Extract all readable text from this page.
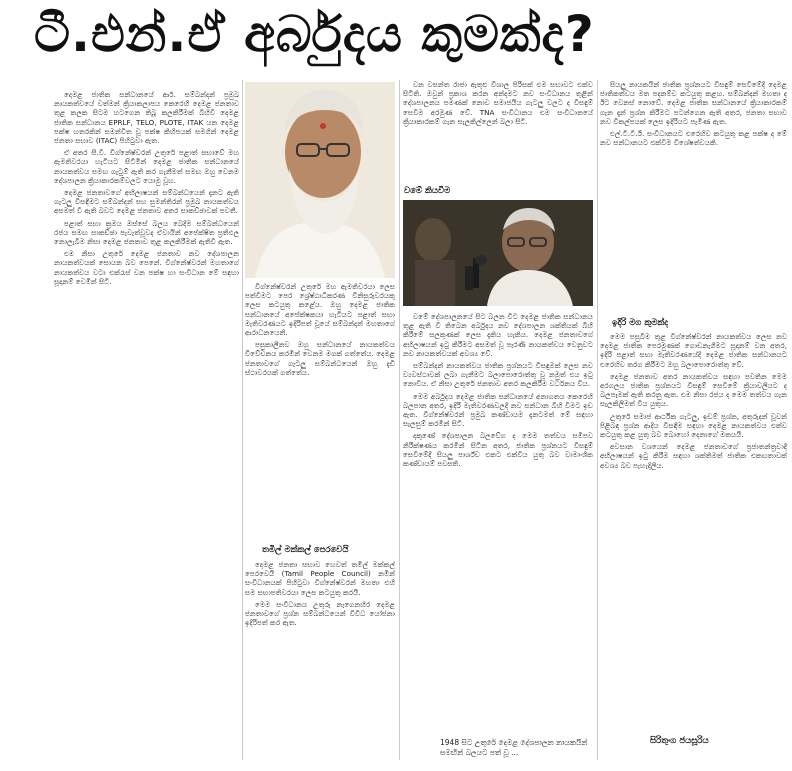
ටී.එන්.ඒ අර්බුදය කුමක්ද?

දෙමළ ජාතික සන්ධානයේ ආර්. සම්බන්දන් ප්‍රමුඛ නායකත්වයේ වත්මන් ක්‍රියාකලාපය කෙරෙහි දෙමළ ජනතාව තුළ කලක සිටම හටගෙන තිබූ කලකිරීමක් බිහිවී දෙමළ ජාතික සන්ධානය EPRLF, TELO, PLOTE, ITAK යන දෙමළ පක්ෂ හතරකින් සමන්විත වූ පක්ෂ කිහිපයක් සමගින් දෙමළ ජනතා සභාව (ITAC) පිහිටුවා ඇත.

ඒ අතර සී.වී. විග්නේෂ්වරන් උතුරේ පළාත් සභාවේ මහ ඇමතිවරයා හැටියට සිටිමින් දෙමළ ජාතික සන්ධානයේ නායකත්වය සමඟ ගැටුම් ඇති කර ගැනීමත් සමඟ ඔහු වෙනම දේශපාලන ක්‍රියාකාරකම්වලට යොමු වූහ.

දෙමළ ජනතාවගේ අභිලාෂයන් සම්බන්ධයෙන් දැනට ඇති ගැටලු විසඳීමට සම්බන්දන් සහ සුමන්තිරන් ප්‍රමුඛ නායකත්වය අසමත් වී ඇති බවට දෙමළ ජනතාව අතර සාකච්ඡාවක් පවතී.

පළාත් සභා ක්‍රමය ඔස්සේ බලය බෙදීම සම්බන්ධයෙන් රජය සමඟ සාකච්ඡා පැවැත්වූවද ඒවායින් අපේක්ෂිත ප්‍රතිඵල නොලැබීම නිසා දෙමළ ජනතාව තුළ කලකිරීමක් ඇතිවී ඇත.

එම නිසා උතුරේ දෙමළ ජනතාව නව දේශපාලන නායකත්වයක් සොයන බව පෙනේ. විග්නේෂ්වරන් මහතාගේ නායකත්වය වටා එක්රැස් වන පක්ෂ හා සංවිධාන මේ සඳහා සූදානම් වෙමින් සිටී.

විග්නේෂ්වරන් උතුරේ මහ ඇමතිවරයා ලෙස පත්වීමට පෙර ශ්‍රේෂ්ඨාධිකරණ විනිසුරුවරයකු ලෙස කටයුතු කළේය. ඔහු දෙමළ ජාතික සන්ධානයේ අපේක්ෂකයා හැටියට පළාත් සභා මැතිවරණයට ඉදිරිපත් වූයේ සම්බන්දන් මහතාගේ ආරාධනයෙනි.

පසුකාලීනව ඔහු සන්ධානයේ නායකත්වය විවේචනය කරමින් වෙනම මගක් ගත්තේය. දෙමළ ජනතාවගේ ගැටලු සම්බන්ධයෙන් ඔහු දැඩි ස්ථාවරයක් ගත්තේය.

තමිල් මක්කල් පෙරවෙයි

දෙමළ ජනතා සභාව හෙවත් තමිල් මක්කල් පෙරවෙයි (Tamil People Council) නමින් සංවිධානයක් පිහිටුවා විග්නේෂ්වරන් මහතා එහි සම සභාපතිවරයා ලෙස කටයුතු කරයි.

මෙම සංවිධානය උතුරු නැගෙනහිර දෙමළ ජනතාවගේ ප්‍රශ්න සම්බන්ධයෙන් විවිධ යෝජනා ඉදිරිපත් කර ඇත.

වන වසන්ත රාජා ඇතුළු විශාල පිරිසක් එම සභාවට එක්ව සිටිති. ඔවුන් ප්‍රකාශ කරන අන්දමට නව සංවිධානය තුළින් දේශපාලනය පමණක් නොව සමාජයීය ගැටලු වලට ද විසඳුම් සෙවීම අරමුණ වේ. TNA සංවිධානය එම සංවිධානයේ ක්‍රියාකාරකම් ගැන සැලකිල්ලෙන් බලා සිටී.

වමේ කියවීම

වමේ දේශපාලනයේ සිට බලන විට දෙමළ ජාතික සන්ධානය තුළ ඇති වී තිබෙන අර්බුදය නව දේශපාලන ශක්තියක් බිහි කිරීමේ සලකුණක් ලෙස දැකිය හැකිය. දෙමළ ජනතාවගේ අභිලාෂයන් ඉටු කිරීමට අසමත් වූ පැරණි නායකත්වය වෙනුවට නව නායකත්වයක් අවශ්‍ය වේ.

සම්බන්දන් නායකත්වය ජාතික ප්‍රශ්නයට විසඳුමක් ලෙස නව ව්‍යවස්ථාවක් ලබා ගැනීමට බලාපොරොත්තු වූ නමුත් එය ඉටු නොවීය. ඒ නිසා උතුරේ ජනතාව අතර කලකිරීම වර්ධනය විය.

මෙම අර්බුදය දෙමළ ජාතික සන්ධානයේ අනාගතය කෙරෙහි බලපාන අතර, ඉදිරි මැතිවරණවලදී නව සන්ධාන බිහි වීමට ඉඩ ඇත. විග්නේෂ්වරන් ප්‍රමුඛ කණ්ඩායම දැනටමත් මේ සඳහා සැලසුම් කරමින් සිටී.

දකුණේ දේශපාලන බලවේග ද මෙම තත්වය සමීපව නිරීක්ෂණය කරමින් සිටින අතර, ජාතික ප්‍රශ්නයට විසඳුම් සෙවීමේදී සියලු පාර්ශ්ව එකට එක්විය යුතු බව වාමාංශික කණ්ඩායම් පවසති.

1948 සිට උතුරේ දෙමළ දේශපාලන නායකයින් සමඟින් බලයට පත් වූ ...

සියලු නායකයින් ජාතික ප්‍රශ්නයට විසඳුම් සෙවීමේදී දෙමළ ජාතිකත්වය මත පදනම්ව කටයුතු කළහ. සම්බන්දන් මහතා ද ඊට වෙනස් නොවේ. දෙමළ ජාතික සන්ධානයේ ක්‍රියාකාරකම් ගැන දැන් ප්‍රශ්න කිරීමට පටන්ගෙන ඇති අතර, ජනතා සභාව නව විකල්පයක් ලෙස ඉදිරියට පැමිණ ඇත.

එල්.ටී.ටී.ඊ. සංවිධානයට එරෙහිව කටයුතු කළ පක්ෂ ද මේ නව සන්ධානයට එක්වීම විශේෂත්වයකි.

ඉදිරි මග කුමක්ද

මෙම පසුබිම තුළ විග්නේෂ්වරන් නායකත්වය ලෙස නව දෙමළ ජාතික පෙරමුණක් ගොඩනැගීමට සූදානම් වන අතර, ඉදිරි පළාත් සභා මැතිවරණයේදී දෙමළ ජාතික සන්ධානයට එරෙහිව තරග කිරීමට ඔහු බලාපොරොත්තු වේ.

දෙමළ ජනතාව අතර නායකත්වය සඳහා පවතින මෙම අරගලය ජාතික ප්‍රශ්නයට විසඳුම් සෙවීමේ ක්‍රියාවලියට ද බලපෑමක් ඇති කරනු ඇත. එම නිසා රජය ද මෙම තත්වය ගැන සැලකිලිමත් විය යුතුය.

උතුරේ සමාජ ආර්ථික ගැටලු, ඉඩම් ප්‍රශ්න, අතුරුදන් වූවන් පිළිබඳ ප්‍රශ්න ආදිය විසඳීම සඳහා දෙමළ නායකත්වය එක්ව කටයුතු කළ යුතු බව බොහෝ දෙනාගේ මතයයි.

අවසාන වශයෙන් දෙමළ ජනතාවගේ ප්‍රජාතන්ත්‍රවාදී අභිලාෂයන් ඉටු කිරීම සඳහා ශක්තිමත් ජාතික එකඟතාවක් අවශ්‍ය බව පැහැදිලිය.

සිරිතුංග ජයසූරිය
